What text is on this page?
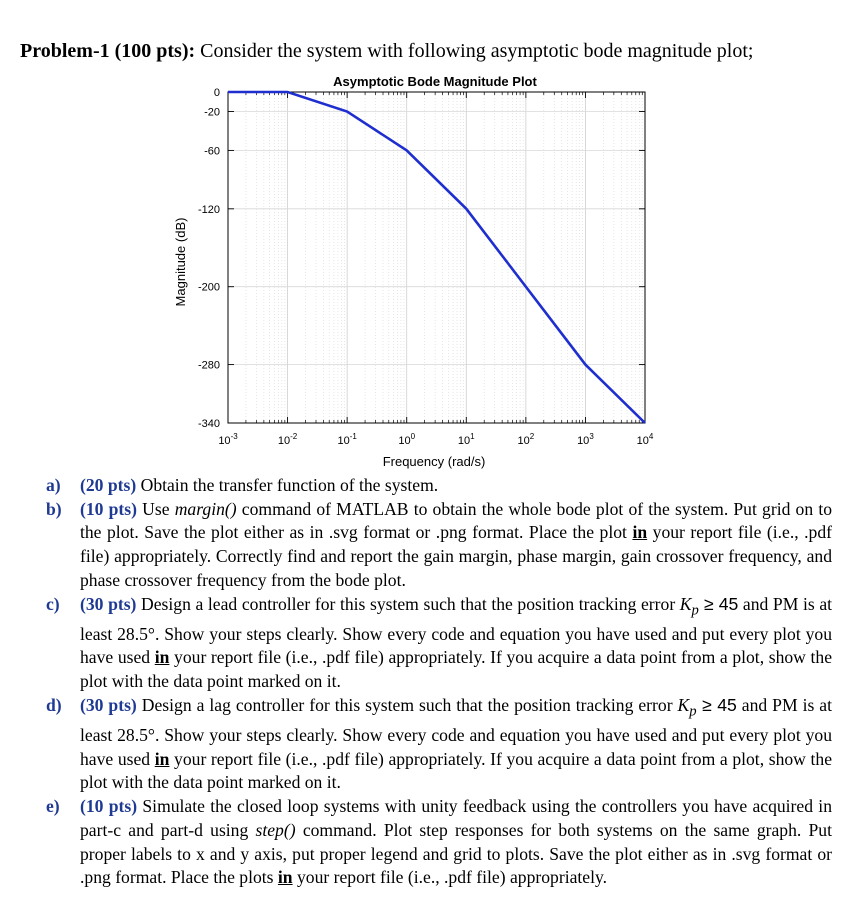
Problem-1 (100 pts): Consider the system with following asymptotic bode magnitude plot;
0
-20
-60
-120
-200
-280
-340
$10^{-3}$	$10^{-2}$	$10^{-1}$	$10^0$	$10^1$	$10^2$	$10^3$	$10^4$
Asymptotic Bode Magnitude Plot
Frequency (rad/s)
Magnitude (dB)
a) (20 pts) Obtain the transfer function of the system.
b) (10 pts) Use margin() command of MATLAB to obtain the whole bode plot of the system. Put grid on to the plot. Save the plot either as in .svg format or .png format. Place the plot in your report file (i.e., .pdf file) appropriately. Correctly find and report the gain margin, phase margin, gain crossover frequency, and phase crossover frequency from the bode plot.
c) (30 pts) Design a lead controller for this system such that the position tracking error $K_p \ge 45$ and PM is at least 28.5°. Show your steps clearly. Show every code and equation you have used and put every plot you have used in your report file (i.e., .pdf file) appropriately. If you acquire a data point from a plot, show the plot with the data point marked on it.
d) (30 pts) Design a lag controller for this system such that the position tracking error $K_p \ge 45$ and PM is at least 28.5°. Show your steps clearly. Show every code and equation you have used and put every plot you have used in your report file (i.e., .pdf file) appropriately. If you acquire a data point from a plot, show the plot with the data point marked on it.
e) (10 pts) Simulate the closed loop systems with unity feedback using the controllers you have acquired in part-c and part-d using step() command. Plot step responses for both systems on the same graph. Put proper labels to x and y axis, put proper legend and grid to plots. Save the plot either as in .svg format or .png format. Place the plots in your report file (i.e., .pdf file) appropriately.
